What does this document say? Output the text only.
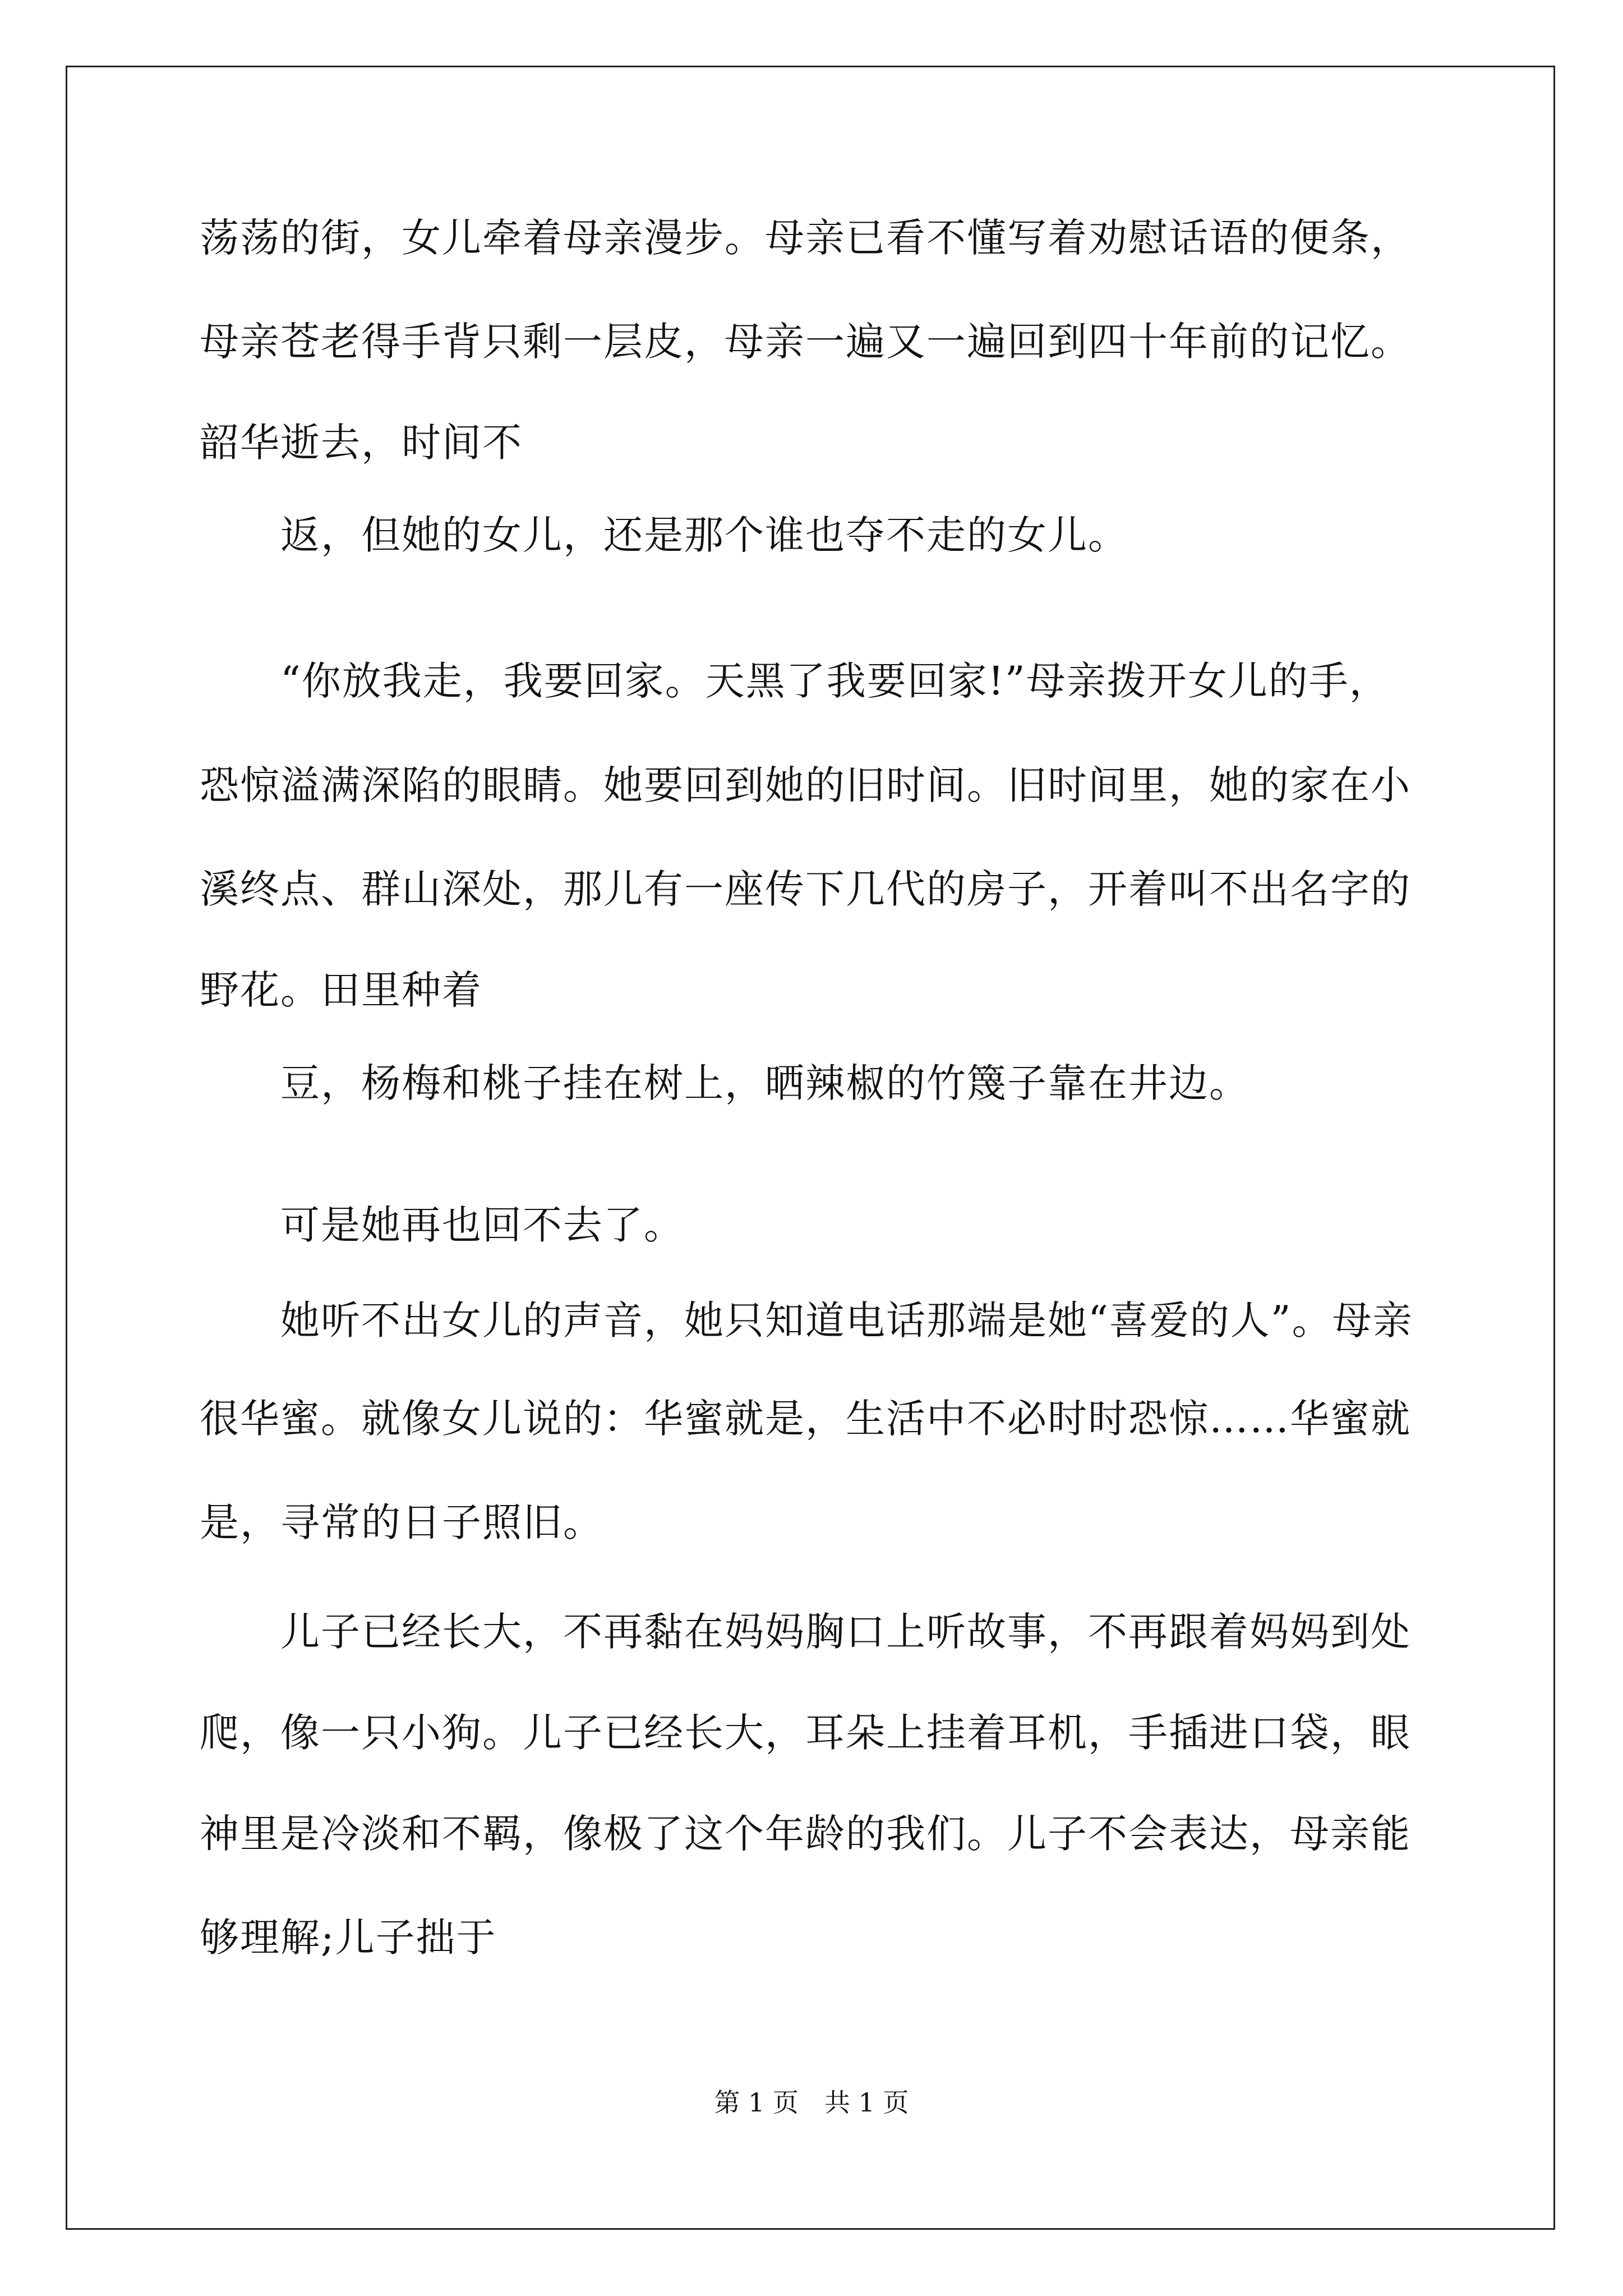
荡荡的街，女儿牵着母亲漫步。母亲已看不懂写着劝慰话语的便条，

母亲苍老得手背只剩一层皮，母亲一遍又一遍回到四十年前的记忆。

韶华逝去，时间不

返，但她的女儿，还是那个谁也夺不走的女儿。

“你放我走，我要回家。天黑了我要回家!”母亲拨开女儿的手，

恐惊溢满深陷的眼睛。她要回到她的旧时间。旧时间里，她的家在小

溪终点、群山深处，那儿有一座传下几代的房子，开着叫不出名字的

野花。田里种着

豆，杨梅和桃子挂在树上，晒辣椒的竹篾子靠在井边。

可是她再也回不去了。

她听不出女儿的声音，她只知道电话那端是她“喜爱的人”。母亲

很华蜜。就像女儿说的：华蜜就是，生活中不必时时恐惊……华蜜就

是，寻常的日子照旧。

儿子已经长大，不再黏在妈妈胸口上听故事，不再跟着妈妈到处

爬，像一只小狗。儿子已经长大，耳朵上挂着耳机，手插进口袋，眼

神里是冷淡和不羁，像极了这个年龄的我们。儿子不会表达，母亲能

够理解;儿子拙于

第 1 页　共 1 页
